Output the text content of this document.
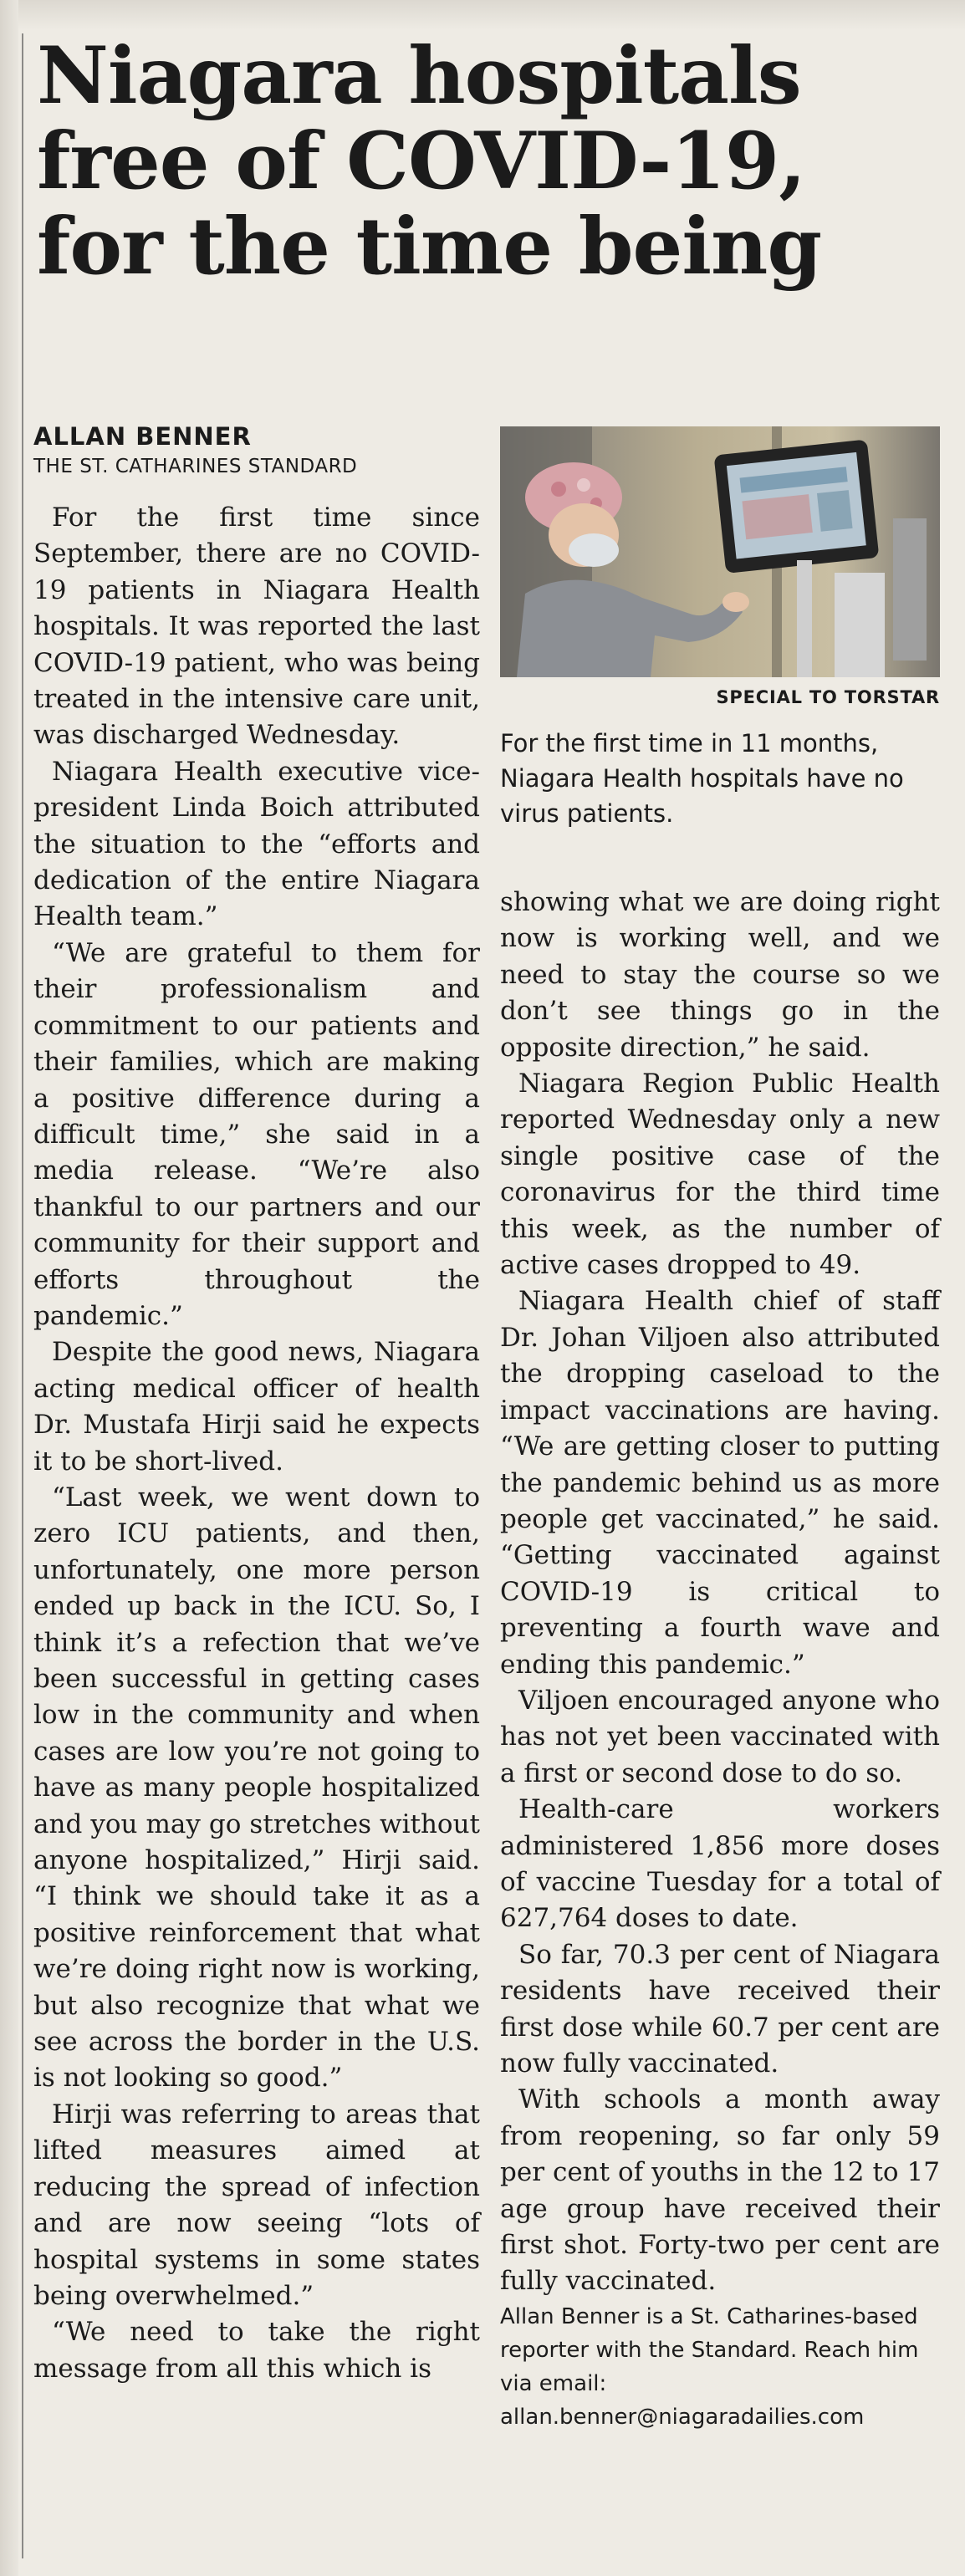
Niagara hospitals free of COVID-19, for the time being
ALLAN BENNER
THE ST. CATHARINES STANDARD
SPECIAL TO TORSTAR
For the first time in 11 months, Niagara Health hospitals have no virus patients.

For the first time since September, there are no COVID-19 patients in Niagara Health hospitals. It was reported the last COVID-19 patient, who was being treated in the intensive care unit, was discharged Wednesday.

Niagara Health executive vice-president Linda Boich attributed the situation to the “efforts and dedication of the entire Niagara Health team.”

“We are grateful to them for their professionalism and commitment to our patients and their families, which are making a positive difference during a difficult time,” she said in a media release. “We’re also thankful to our partners and our community for their support and efforts throughout the pandemic.”

Despite the good news, Niagara acting medical officer of health Dr. Mustafa Hirji said he expects it to be short-lived.

“Last week, we went down to zero ICU patients, and then, unfortunately, one more person ended up back in the ICU. So, I think it’s a refection that we’ve been successful in getting cases low in the community and when cases are low you’re not going to have as many people hospitalized and you may go stretches without anyone hospitalized,” Hirji said. “I think we should take it as a positive reinforcement that what we’re doing right now is working, but also recognize that what we see across the border in the U.S. is not looking so good.”

Hirji was referring to areas that lifted measures aimed at reducing the spread of infection and are now seeing “lots of hospital systems in some states being overwhelmed.”

“We need to take the right message from all this which is

showing what we are doing right now is working well, and we need to stay the course so we don’t see things go in the opposite direction,” he said.

Niagara Region Public Health reported Wednesday only a new single positive case of the coronavirus for the third time this week, as the number of active cases dropped to 49.

Niagara Health chief of staff Dr. Johan Viljoen also attributed the dropping caseload to the impact vaccinations are having. “We are getting closer to putting the pandemic behind us as more people get vaccinated,” he said. “Getting vaccinated against COVID-19 is critical to preventing a fourth wave and ending this pandemic.”

Viljoen encouraged anyone who has not yet been vaccinated with a first or second dose to do so.

Health-care workers administered 1,856 more doses of vaccine Tuesday for a total of 627,764 doses to date.

So far, 70.3 per cent of Niagara residents have received their first dose while 60.7 per cent are now fully vaccinated.

With schools a month away from reopening, so far only 59 per cent of youths in the 12 to 17 age group have received their first shot. Forty-two per cent are fully vaccinated.

Allan Benner is a St. Catharines-based reporter with the Standard. Reach him via email: allan.benner@niagaradailies.com
